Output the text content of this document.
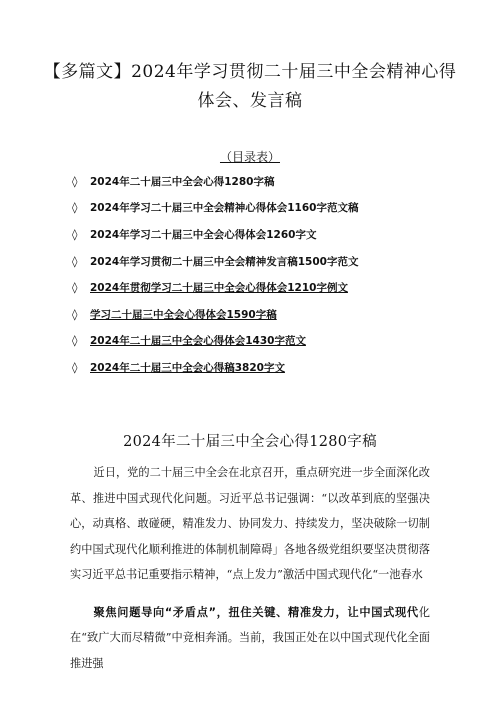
【多篇文】2024年学习贯彻二十届三中全会精神心得
体会、发言稿
（目录表）
◊	2024年二十届三中全会心得1280字稿
◊	2024年学习二十届三中全会精神心得体会1160字范文稿
◊	2024年学习二十届三中全会心得体会1260字文
◊	2024年学习贯彻二十届三中全会精神发言稿1500字范文
◊	2024年贯彻学习二十届三中全会心得体会1210字例文
◊	学习二十届三中全会心得体会1590字稿
◊	2024年二十届三中全会心得体会1430字范文
◊	2024年二十届三中全会心得稿3820字文
2024年二十届三中全会心得1280字稿

近日，党的二十届三中全会在北京召开，重点研究进一步全面深化改革、推进中国式现代化问题。习近平总书记强调：“以改革到底的坚强决心，动真格、敢碰硬，精准发力、协同发力、持续发力，坚决破除一切制约中国式现代化顺利推进的体制机制障碍」各地各级党组织要坚决贯彻落实习近平总书记重要指示精神，“点上发力”激活中国式现代化“一池春水

聚焦问题导向“矛盾点”，扭住关键、精准发力，让中国式现代化在“致广大而尽精微”中竞相奔涌。当前，我国正处在以中国式现代化全面推进强
